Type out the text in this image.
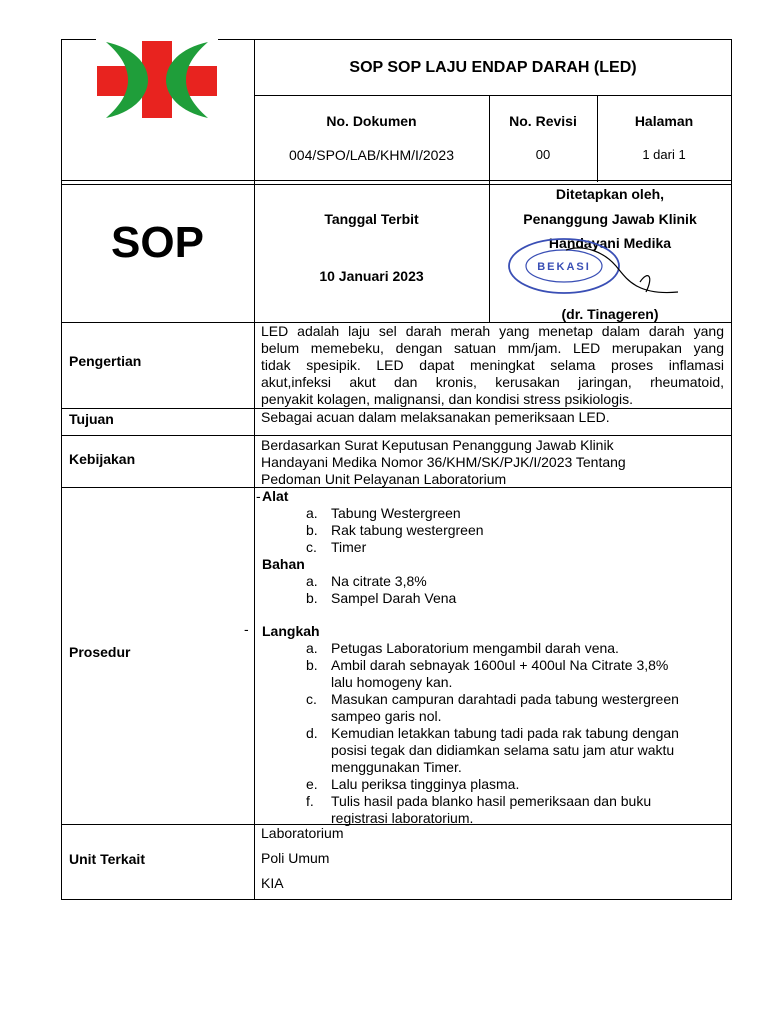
SOP SOP LAJU ENDAP DARAH (LED)
No. Dokumen
004/SPO/LAB/KHM/I/2023
No. Revisi
00
Halaman
1 dari 1
SOP	Tanggal Terbit
10 Januari 2023
Ditetapkan oleh,
Penanggung Jawab Klinik
Handayani Medika
BEKASI
(dr. Tinageren)
Pengertian
Tujuan
Kebijakan
Prosedur
Unit Terkait
LED adalah laju sel darah merah yang menetap dalam darah yang
belum memebeku, dengan satuan mm/jam. LED merupakan yang
tidak spesipik. LED dapat meningkat selama proses inflamasi
akut,infeksi akut dan kronis, kerusakan jaringan, rheumatoid,
penyakit kolagen, malignansi, dan kondisi stress psikiologis.
Sebagai acuan dalam melaksanakan pemeriksaan LED.
Berdasarkan Surat Keputusan Penanggung Jawab Klinik
Handayani Medika Nomor 36/KHM/SK/PJK/I/2023 Tentang
Pedoman Unit Pelayanan Laboratorium
-
-
Alat
a. Tabung Westergreen
b. Rak tabung westergreen
c. Timer
Bahan
a. Na citrate 3,8%
b. Sampel Darah Vena
Langkah
a. Petugas Laboratorium mengambil darah vena.
b. Ambil darah sebnayak 1600ul + 400ul Na Citrate 3,8%
lalu homogeny kan.
c. Masukan campuran darahtadi pada tabung westergreen
sampeo garis nol.
d. Kemudian letakkan tabung tadi pada rak tabung dengan
posisi tegak dan didiamkan selama satu jam atur waktu
menggunakan Timer.
e. Lalu periksa tingginya plasma.
f. Tulis hasil pada blanko hasil pemeriksaan dan buku
registrasi laboratorium.
Laboratorium
Poli Umum
KIA
